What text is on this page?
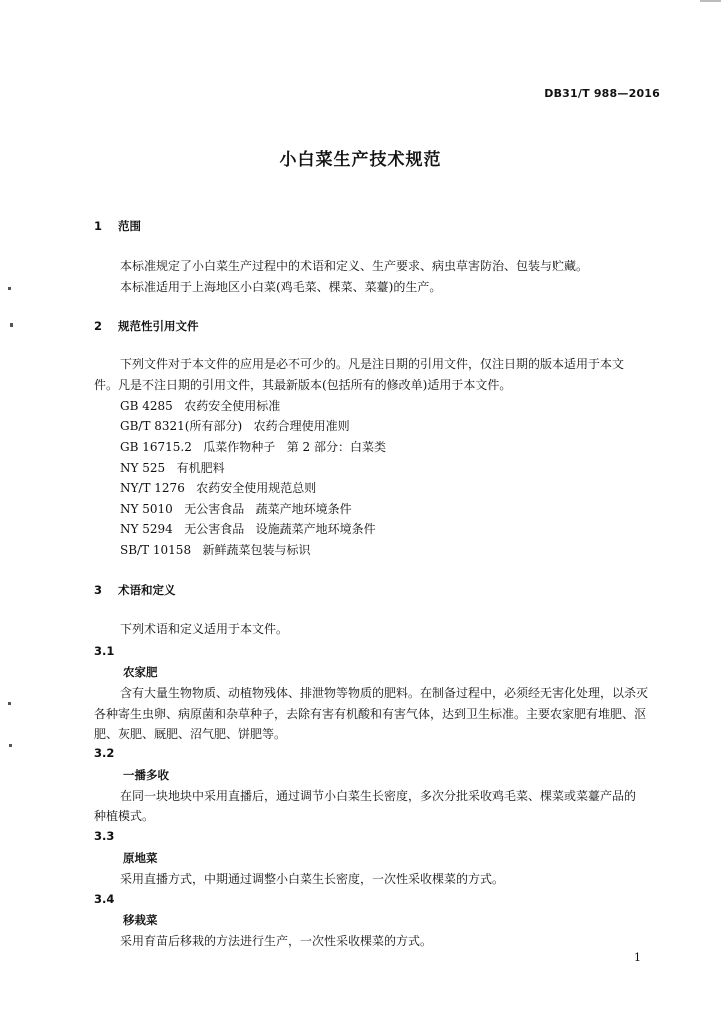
DB31/T 988—2016
小白菜生产技术规范
1 范围
本标准规定了小白菜生产过程中的术语和定义、生产要求、病虫草害防治、包装与贮藏。
本标准适用于上海地区小白菜(鸡毛菜、棵菜、菜薹)的生产。
2 规范性引用文件
下列文件对于本文件的应用是必不可少的。凡是注日期的引用文件，仅注日期的版本适用于本文
件。凡是不注日期的引用文件，其最新版本(包括所有的修改单)适用于本文件。
GB 4285   农药安全使用标准
GB/T 8321(所有部分)   农药合理使用准则
GB 16715.2   瓜菜作物种子   第 2 部分：白菜类
NY 525   有机肥料
NY/T 1276   农药安全使用规范总则
NY 5010   无公害食品   蔬菜产地环境条件
NY 5294   无公害食品   设施蔬菜产地环境条件
SB/T 10158   新鲜蔬菜包装与标识
3 术语和定义
下列术语和定义适用于本文件。
3.1
农家肥
含有大量生物物质、动植物残体、排泄物等物质的肥料。在制备过程中，必须经无害化处理，以杀灭
各种寄生虫卵、病原菌和杂草种子，去除有害有机酸和有害气体，达到卫生标准。主要农家肥有堆肥、沤
肥、灰肥、厩肥、沼气肥、饼肥等。
3.2
一播多收
在同一块地块中采用直播后，通过调节小白菜生长密度，多次分批采收鸡毛菜、棵菜或菜薹产品的
种植模式。
3.3
原地菜
采用直播方式，中期通过调整小白菜生长密度，一次性采收棵菜的方式。
3.4
移栽菜
采用育苗后移栽的方法进行生产，一次性采收棵菜的方式。
1
